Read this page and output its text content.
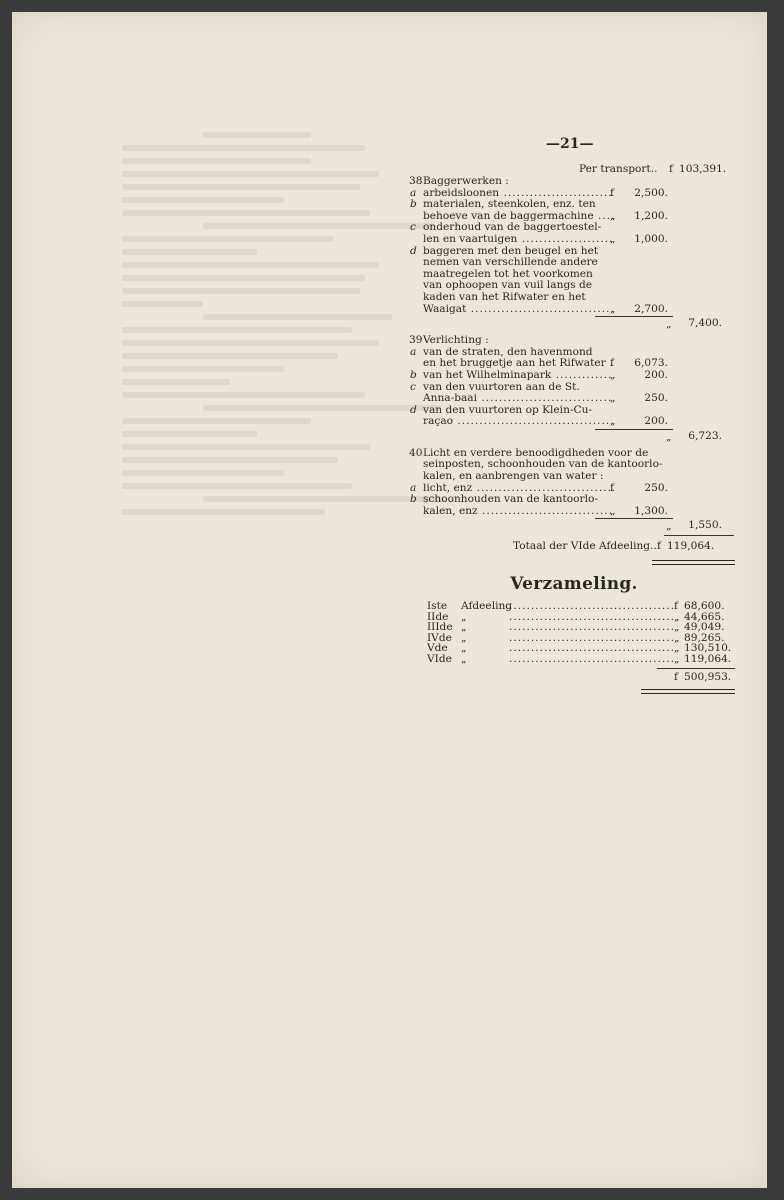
—21—
Per transport.. f 103,391.
38 Baggerwerken :
a arbeidsloonen .....	f	2,500.
b materialen, steenkolen, enz. ten
behoeve van de baggermachine .....	„	1,200.
c onderhoud van de baggertoestel-
len en vaartuigen .....	„	1,000.
d baggeren met den beugel en het
nemen van verschillende andere
maatregelen tot het voorkomen
van ophoopen van vuil langs de
kaden van het Rifwater en het
Waaigat .....	„	2,700.
„	7,400.
39 Verlichting :
a van de straten, den havenmond
en het bruggetje aan het Rifwater ..... f	6,073.
b van het Wilhelminapark .....	„	200.
c van den vuurtoren aan de St.
Anna-baai .....	„	250.
d van den vuurtoren op Klein-Cu-
raçao .....	„	200.
„	6,723.
40 Licht en verdere benoodigdheden voor de
seinposten, schoonhouden van de kantoorlo-
kalen, en aanbrengen van water :
a licht, enz .....	f	250.
b schoonhouden van de kantoorlo-
kalen, enz .....	„	1,300.
„	1,550.
Totaal der VIde Afdeeling.. f 119,064.
Verzameling.
Iste Afdeeling .....	f 68,600.
IIde „ .....	„ 44,665.
IIIde „ .....	„ 49,049.
IVde „ .....	„ 89,265.
Vde „ .....	„ 130,510.
VIde „ .....	„ 119,064.
f 500,953.
